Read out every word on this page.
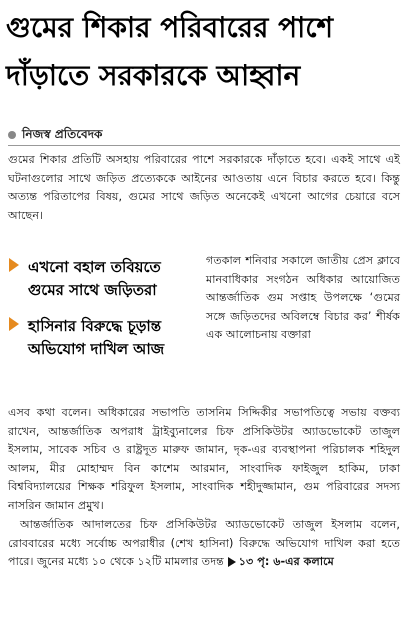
গুমের শিকার পরিবারের পাশে দাঁড়াতে সরকারকে আহ্বান
নিজস্ব প্রতিবেদক

গুমের শিকার প্রতিটি অসহায় পরিবারের পাশে সরকারকে দাঁড়াতে হবে। একই সাথে এই ঘটনাগুলোর সাথে জড়িত প্রত্যেককে আইনের আওতায় এনে বিচার করতে হবে। কিন্তু অত্যন্ত পরিতাপের বিষয়, গুমের সাথে জড়িত অনেকেই এখনো আগের চেয়ারে বসে আছেন।

এখনো বহাল তবিয়তে গুমের সাথে জড়িতরা
হাসিনার বিরুদ্ধে চূড়ান্ত অভিযোগ দাখিল আজ

গতকাল শনিবার সকালে জাতীয় প্রেস ক্লাবে মানবাধিকার সংগঠন অধিকার আয়োজিত আন্তর্জাতিক গুম সপ্তাহ উপলক্ষে ‘গুমের সঙ্গে জড়িতদের অবিলম্বে বিচার কর’ শীর্ষক এক আলোচনায় বক্তারা

এসব কথা বলেন। অধিকারের সভাপতি তাসনিম সিদ্দিকীর সভাপতিত্বে সভায় বক্তব্য রাখেন, আন্তর্জাতিক অপরাধ ট্রাইব্যুনালের চিফ প্রসিকিউটর অ্যাডভোকেট তাজুল ইসলাম, সাবেক সচিব ও রাষ্ট্রদূত মারুফ জামান, দৃক-এর ব্যবস্থাপনা পরিচালক শহিদুল আলম, মীর মোহাম্মদ বিন কাশেম আরমান, সাংবাদিক ফাইজুল হাকিম, ঢাকা বিশ্ববিদ্যালয়ের শিক্ষক শরিফুল ইসলাম, সাংবাদিক শহীদুজ্জামান, গুম পরিবারের সদস্য নাসরিন জামান প্রমুখ।

আন্তর্জাতিক আদালতের চিফ প্রসিকিউটর অ্যাডভোকেট তাজুল ইসলাম বলেন, রোববারের মধ্যে সর্বোচ্চ অপরাধীর (শেখ হাসিনা) বিরুদ্ধে অভিযোগ দাখিল করা হতে পারে। জুনের মধ্যে ১০ থেকে ১২টি মামলার তদন্ত ১৩ পৃ: ৬-এর কলামে
